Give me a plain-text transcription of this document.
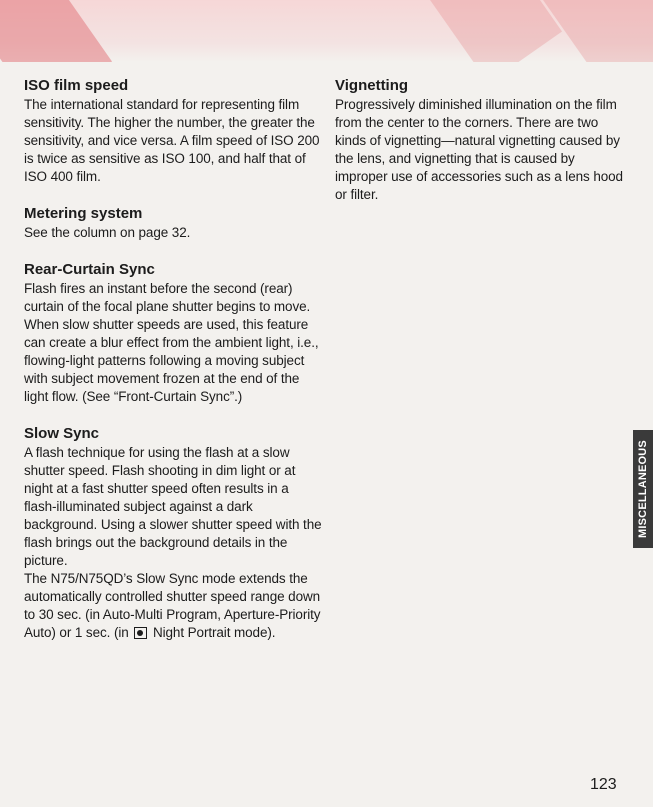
ISO film speed

The international standard for representing film sensitivity. The higher the number, the greater the sensitivity, and vice versa. A film speed of ISO 200 is twice as sensitive as ISO 100, and half that of ISO 400 film.

Metering system

See the column on page 32.

Rear-Curtain Sync

Flash fires an instant before the second (rear) curtain of the focal plane shutter begins to move. When slow shutter speeds are used, this feature can create a blur effect from the ambient light, i.e., flowing-light patterns following a moving subject with subject movement frozen at the end of the light flow. (See “Front-Curtain Sync”.)

Slow Sync

A flash technique for using the flash at a slow shutter speed. Flash shooting in dim light or at night at a fast shutter speed often results in a flash-illuminated subject against a dark background. Using a slower shutter speed with the flash brings out the background details in the picture.

The N75/N75QD’s Slow Sync mode extends the automatically controlled shutter speed range down to 30 sec. (in Auto-Multi Program, Aperture-Priority Auto) or 1 sec. (in Night Portrait mode).

Vignetting

Progressively diminished illumination on the film from the center to the corners. There are two kinds of vignetting—natural vignetting caused by the lens, and vignetting that is caused by improper use of accessories such as a lens hood or filter.

MISCELLANEOUS
123
